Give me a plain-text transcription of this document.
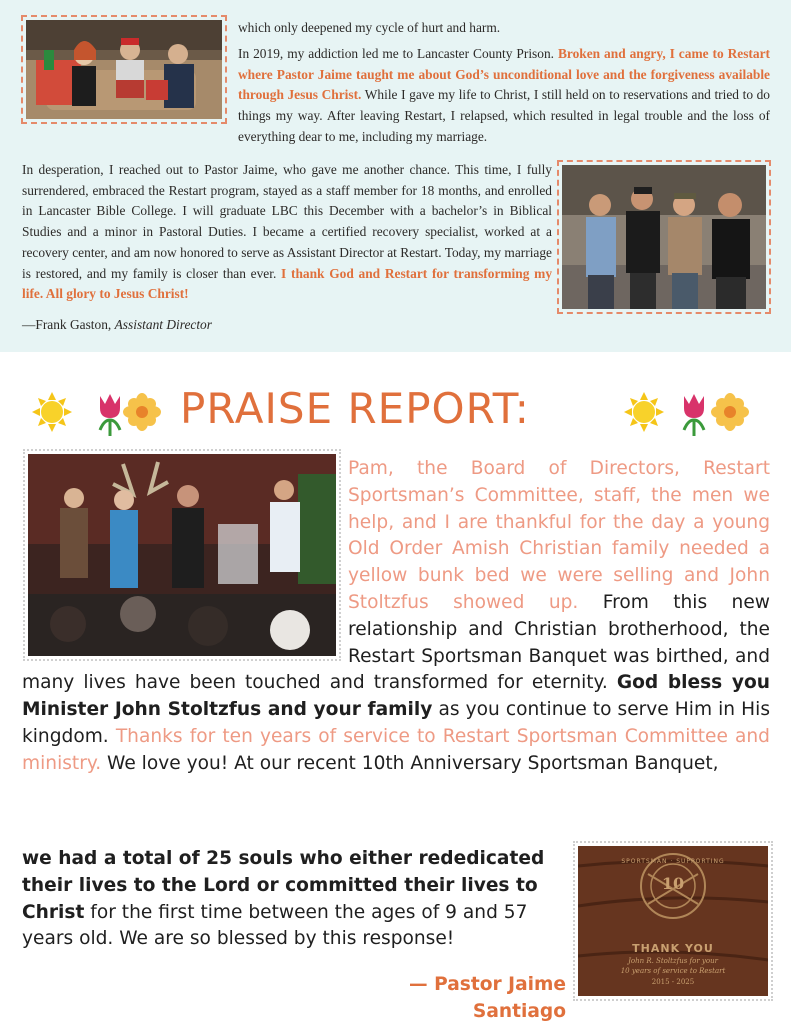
which only deepened my cycle of hurt and harm.
In 2019, my addiction led me to Lancaster County Prison. Broken and angry, I came to Restart where Pastor Jaime taught me about God’s unconditional love and the forgiveness available through Jesus Christ. While I gave my life to Christ, I still held on to reservations and tried to do things my way. After leaving Restart, I relapsed, which resulted in legal trouble and the loss of everything dear to me, including my marriage.
In desperation, I reached out to Pastor Jaime, who gave me another chance. This time, I fully surrendered, embraced the Restart program, stayed as a staff member for 18 months, and enrolled in Lancaster Bible College. I will graduate LBC this December with a bachelor’s in Biblical Studies and a minor in Pastoral Duties. I became a certified recovery specialist, worked at a recovery center, and am now honored to serve as Assistant Director at Restart. Today, my marriage is restored, and my family is closer than ever. I thank God and Restart for transforming my life. All glory to Jesus Christ!
—Frank Gaston, Assistant Director
PRAISE REPORT:
Pam, the Board of Directors, Restart Sportsman’s Committee, staff, the men we help, and I are thankful for the day a young Old Order Amish Christian family needed a yellow bunk bed we were selling and John Stoltzfus showed up. From this new relationship and Christian brotherhood, the Restart Sportsman Banquet was birthed, and many lives have been touched and transformed for eternity. God bless you Minister John Stoltzfus and your family as you continue to serve Him in His kingdom. Thanks for ten years of service to Restart Sportsman Committee and ministry. We love you! At our recent 10th Anniversary Sportsman Banquet,
we had a total of 25 souls who either rededicated their lives to the Lord or committed their lives to Christ for the first time between the ages of 9 and 57 years old. We are so blessed by this response!
— Pastor Jaime Santiago
SPORTSMAN · SUPPORTING
10
THANK YOU
John R. Stoltzfus for your
10 years of service to Restart
2015 - 2025
